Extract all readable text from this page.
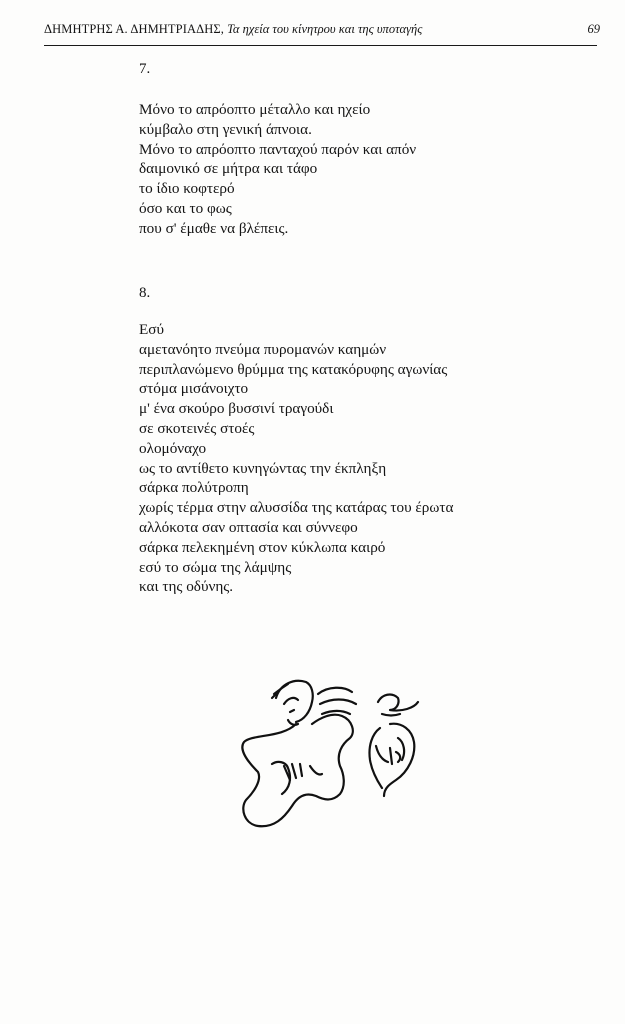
ΔΗΜΗΤΡΗΣ Α. ΔΗΜΗΤΡΙΑΔΗΣ, Τα ηχεία του κίνητρου και της υποταγής	69
7.
Μόνο το απρόοπτο μέταλλο και ηχείο
κύμβαλο στη γενική άπνοια.
Μόνο το απρόοπτο πανταχού παρόν και απόν
δαιμονικό σε μήτρα και τάφο
το ίδιο κοφτερό
όσο και το φως
που σ' έμαθε να βλέπεις.
8.
Εσύ
αμετανόητο πνεύμα πυρομανών καημών
περιπλανώμενο θρύμμα της κατακόρυφης αγωνίας
στόμα μισάνοιχτο
μ' ένα σκούρο βυσσινί τραγούδι
σε σκοτεινές στοές
ολομόναχο
ως το αντίθετο κυνηγώντας την έκπληξη
σάρκα πολύτροπη
χωρίς τέρμα στην αλυσσίδα της κατάρας του έρωτα
αλλόκοτα σαν οπτασία και σύννεφο
σάρκα πελεκημένη στον κύκλωπα καιρό
εσύ το σώμα της λάμψης
και της οδύνης.
